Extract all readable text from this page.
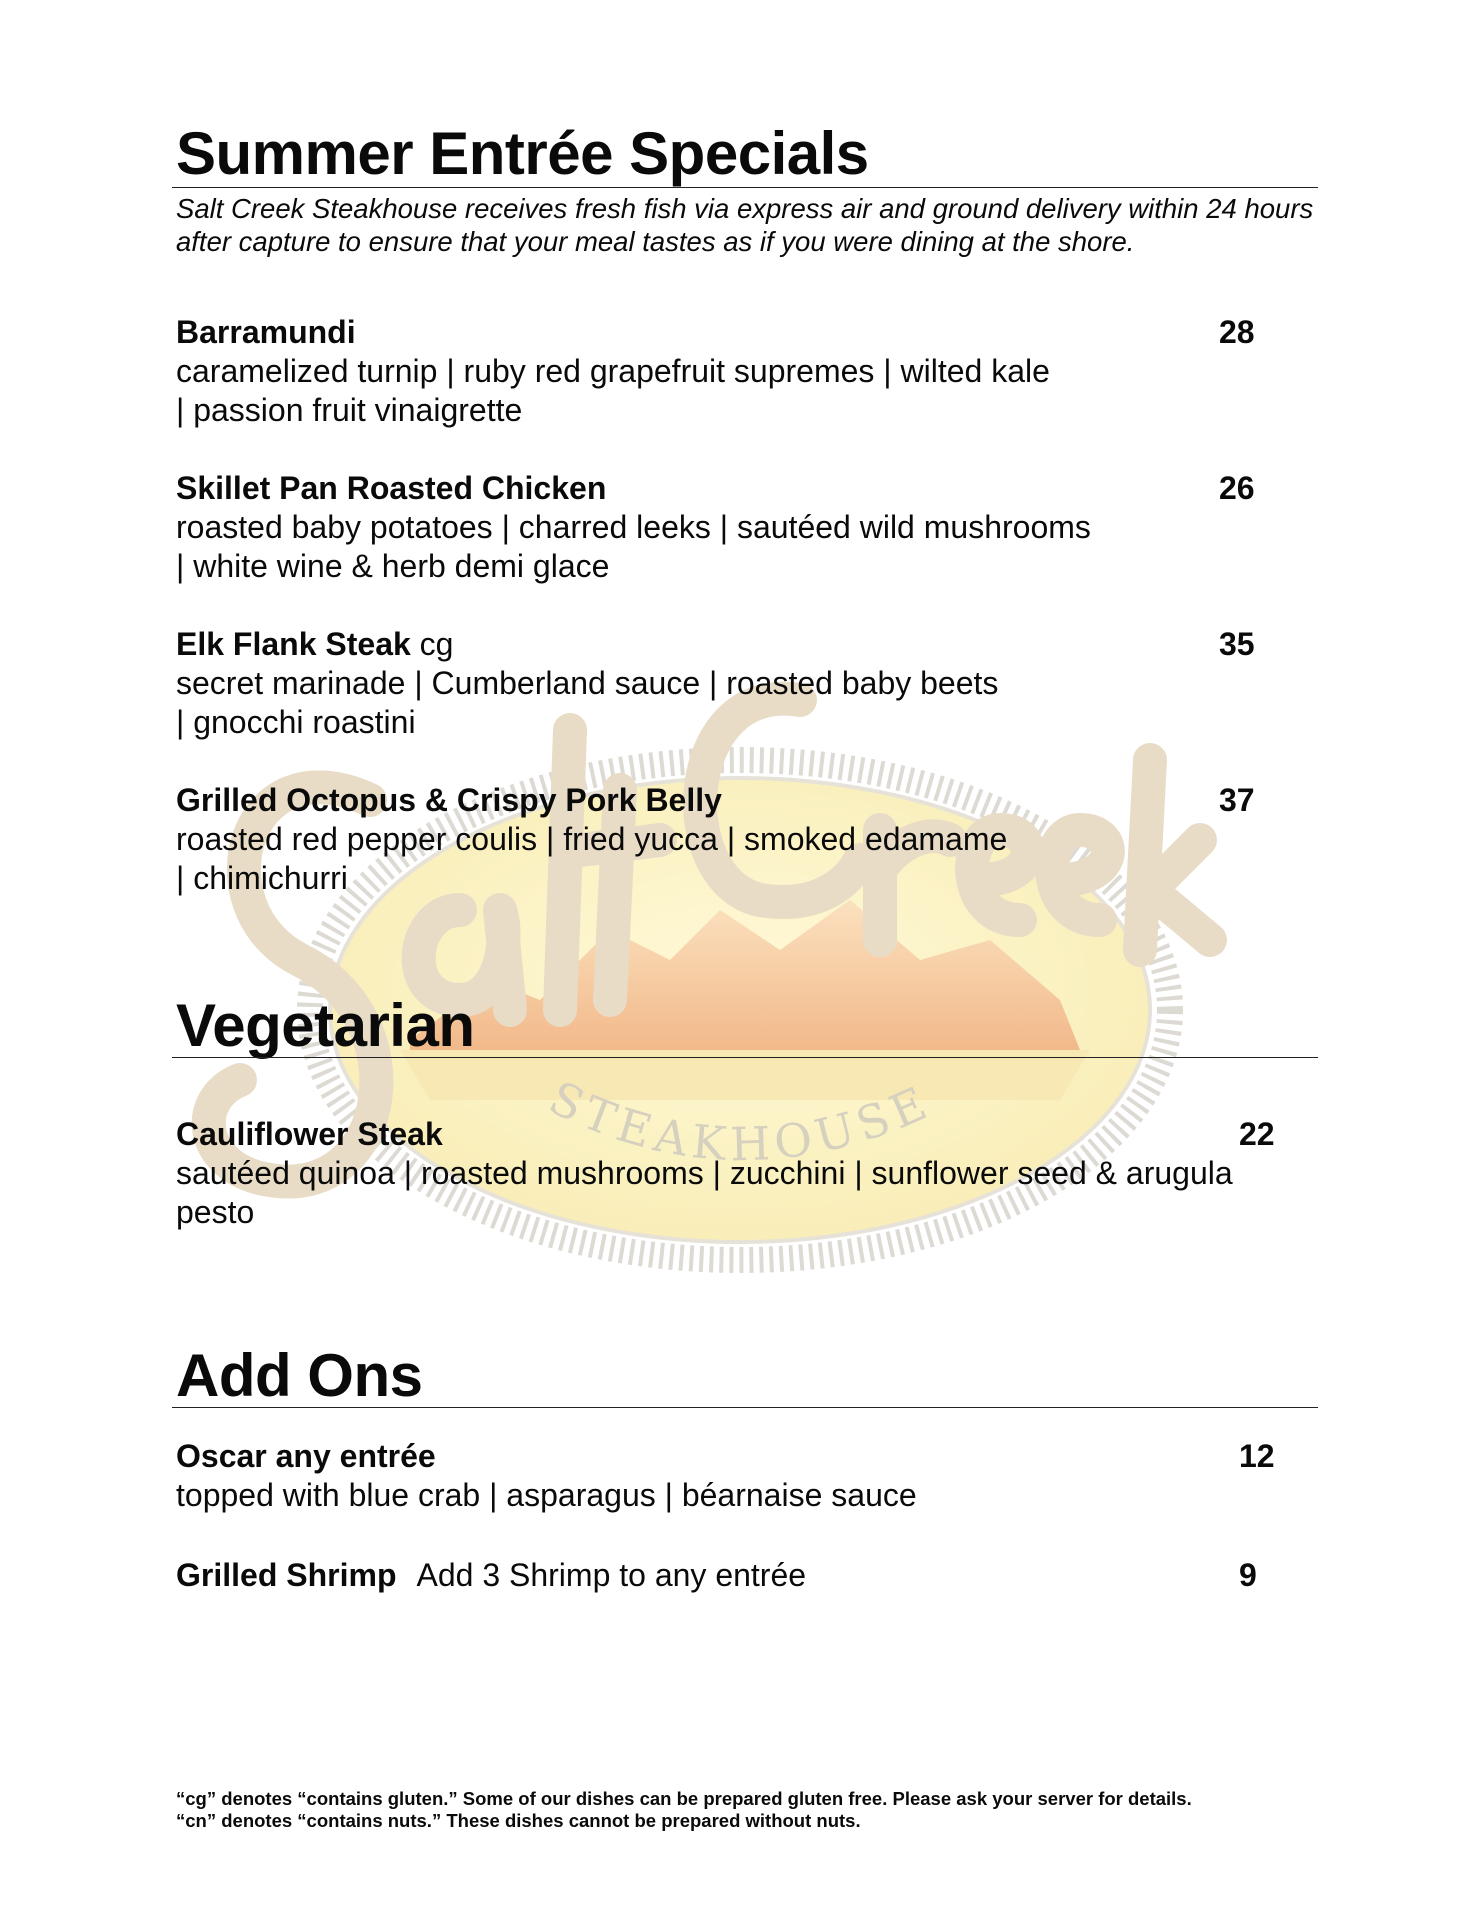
STEAKHOUSE
Summer Entrée Specials
Salt Creek Steakhouse receives fresh fish via express air and ground delivery within 24 hours after capture to ensure that your meal tastes as if you were dining at the shore.
Barramundi
caramelized turnip | ruby red grapefruit supremes | wilted kale
| passion fruit vinaigrette
28
Skillet Pan Roasted Chicken
roasted baby potatoes | charred leeks | sautéed wild mushrooms
| white wine & herb demi glace
26
Elk Flank Steak cg
secret marinade | Cumberland sauce | roasted baby beets
| gnocchi roastini
35
Grilled Octopus & Crispy Pork Belly
roasted red pepper coulis | fried yucca | smoked edamame
| chimichurri
37
Vegetarian
Cauliflower Steak
sautéed quinoa | roasted mushrooms | zucchini | sunflower seed & arugula
pesto
22
Add Ons
Oscar any entrée
topped with blue crab | asparagus | béarnaise sauce
12
Grilled Shrimp Add 3 Shrimp to any entrée	9
“cg” denotes “contains gluten.” Some of our dishes can be prepared gluten free. Please ask your server for details.
“cn” denotes “contains nuts.” These dishes cannot be prepared without nuts.
